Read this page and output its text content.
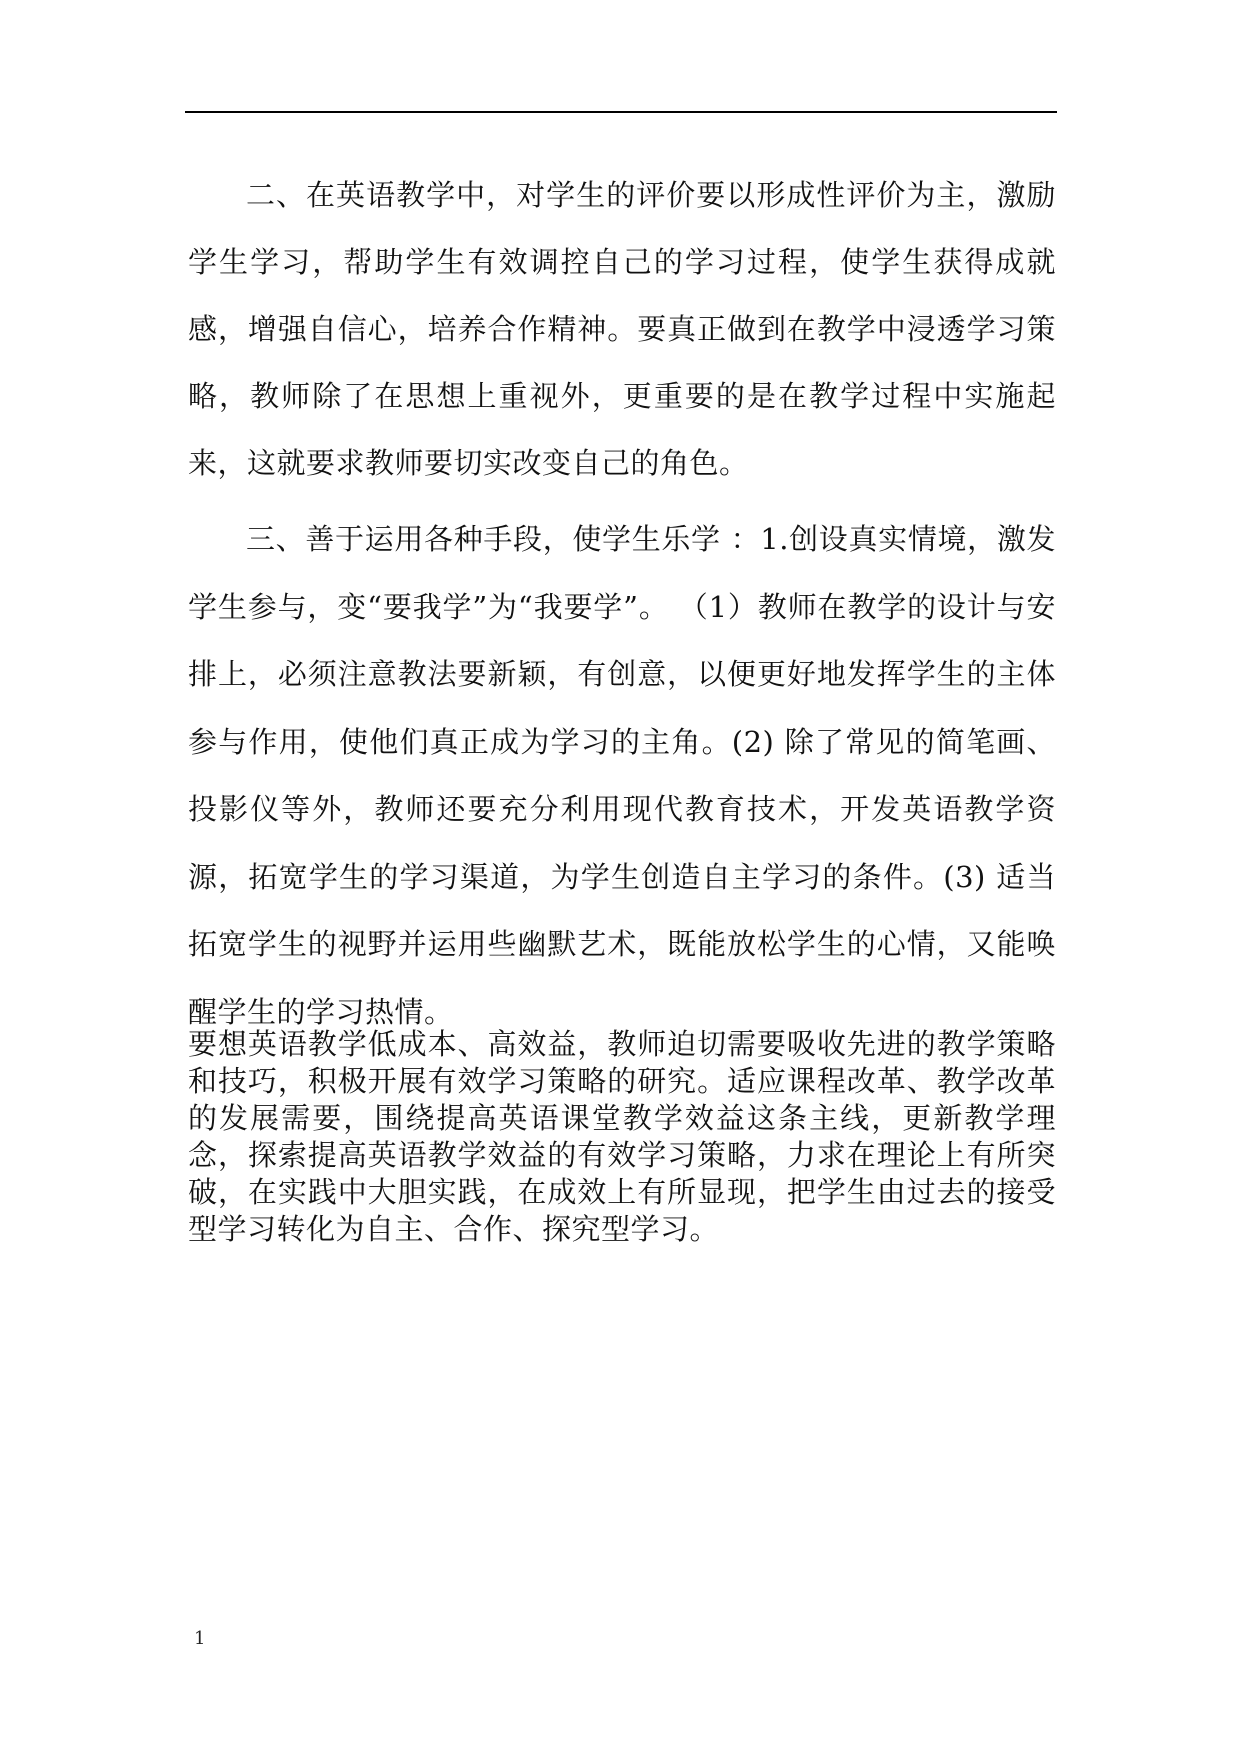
二、在英语教学中，对学生的评价要以形成性评价为主，激励学生学习，帮助学生有效调控自己的学习过程，使学生获得成就感，增强自信心，培养合作精神。要真正做到在教学中浸透学习策略，教师除了在思想上重视外，更重要的是在教学过程中实施起来，这就要求教师要切实改变自己的角色。

三、善于运用各种手段，使学生乐学 ：1.创设真实情境，激发学生参与，变“要我学”为“我要学”。 （1）教师在教学的设计与安排上，必须注意教法要新颖，有创意，以便更好地发挥学生的主体参与作用，使他们真正成为学习的主角。(2) 除了常见的简笔画、投影仪等外，教师还要充分利用现代教育技术，开发英语教学资源，拓宽学生的学习渠道，为学生创造自主学习的条件。(3) 适当拓宽学生的视野并运用些幽默艺术，既能放松学生的心情，又能唤醒学生的学习热情。

要想英语教学低成本、高效益，教师迫切需要吸收先进的教学策略和技巧，积极开展有效学习策略的研究。适应课程改革、教学改革的发展需要，围绕提高英语课堂教学效益这条主线，更新教学理念，探索提高英语教学效益的有效学习策略，力求在理论上有所突破，在实践中大胆实践，在成效上有所显现，把学生由过去的接受型学习转化为自主、合作、探究型学习。

1
